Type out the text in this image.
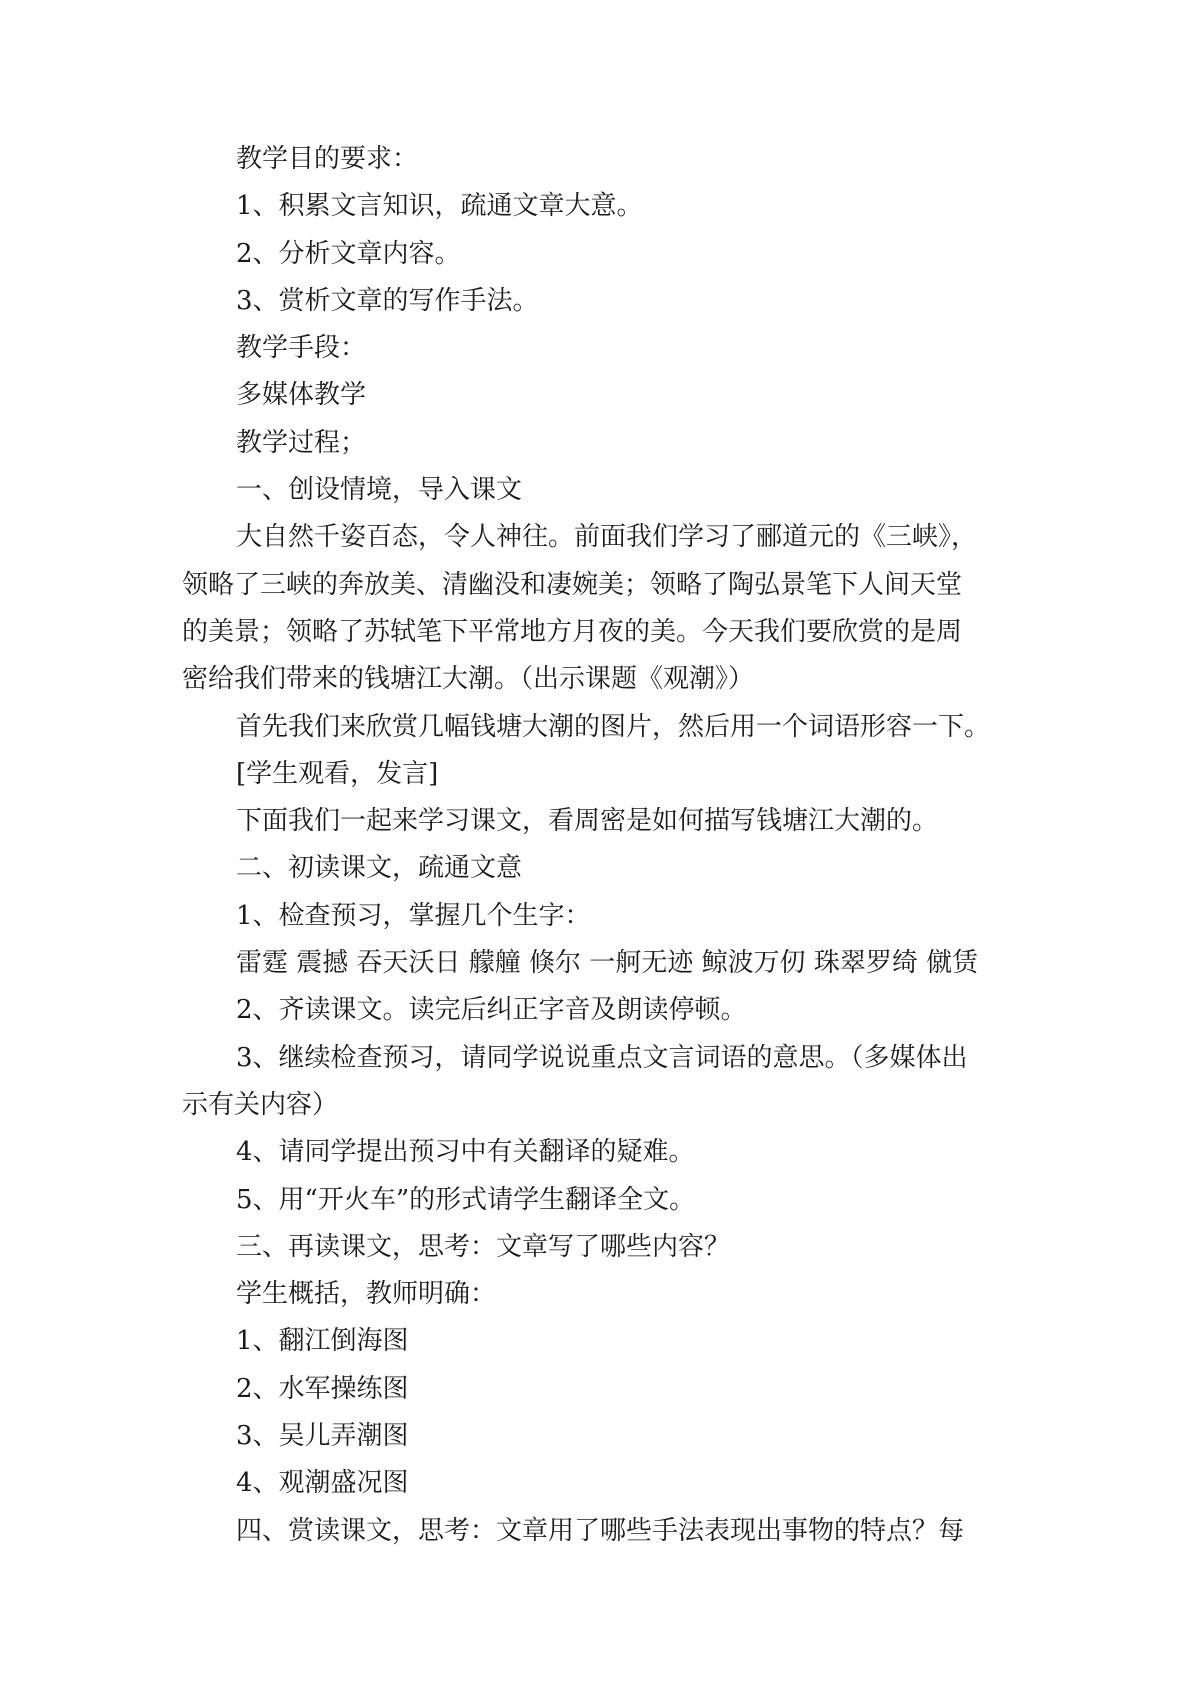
教学目的要求：
1、积累文言知识，疏通文章大意。
2、分析文章内容。
3、赏析文章的写作手法。
教学手段：
多媒体教学
教学过程；
一、创设情境，导入课文
大自然千姿百态，令人神往。前面我们学习了郦道元的《三峡》，
领略了三峡的奔放美、清幽没和凄婉美；领略了陶弘景笔下人间天堂
的美景；领略了苏轼笔下平常地方月夜的美。今天我们要欣赏的是周
密给我们带来的钱塘江大潮。（出示课题《观潮》）
首先我们来欣赏几幅钱塘大潮的图片，然后用一个词语形容一下。
[学生观看，发言]
下面我们一起来学习课文，看周密是如何描写钱塘江大潮的。
二、初读课文，疏通文意
1、检查预习，掌握几个生字：
雷霆 震撼 吞天沃日 艨艟 倏尔 一舸无迹 鲸波万仞 珠翠罗绮 僦赁
2、齐读课文。读完后纠正字音及朗读停顿。
3、继续检查预习，请同学说说重点文言词语的意思。（多媒体出
示有关内容）
4、请同学提出预习中有关翻译的疑难。
5、用“开火车”的形式请学生翻译全文。
三、再读课文，思考：文章写了哪些内容？
学生概括，教师明确：
1、翻江倒海图
2、水军操练图
3、吴儿弄潮图
4、观潮盛况图
四、赏读课文，思考：文章用了哪些手法表现出事物的特点？每
